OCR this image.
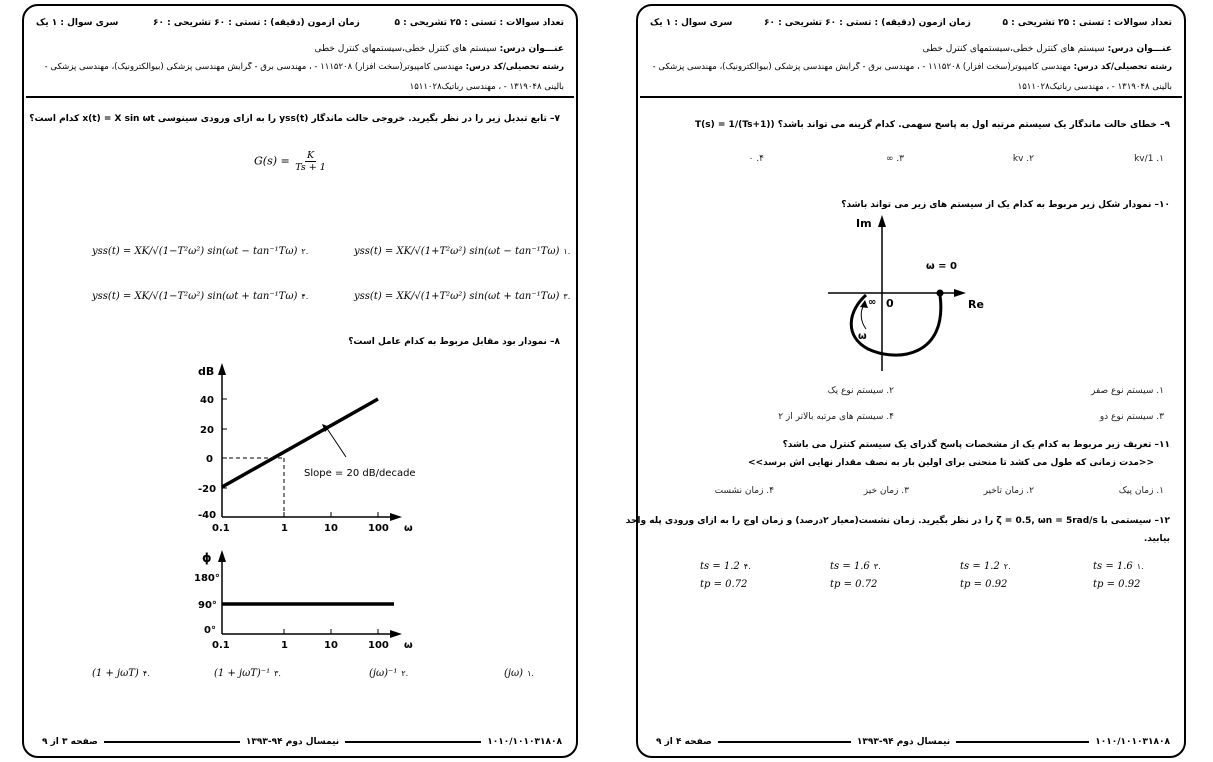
تعداد سوالات : تستی : ۲۵ تشریحی : ۵
زمان آزمون (دقیقه) : تستی : ۶۰ تشریحی : ۶۰
سری سوال : ۱ یک
عنـــوان درس: سیستم های کنترل خطی،سیستمهای کنترل خطی
رشته تحصیلی/کد درس: مهندسی کامپیوتر(سخت افزار) ۱۱۱۵۲۰۸ - ، مهندسی برق - گرایش مهندسی پزشکی (بیوالکترونیک)، مهندسی پزشکی -
بالینی ۱۳۱۹۰۴۸ - ، مهندسی رباتیک۱۵۱۱۰۲۸
۷– تابع تبدیل زیر را در نظر بگیرید. خروجی حالت ماندگار yss(t) را به ازای ورودی سینوسی x(t) = X sin ωt کدام است؟
$G(s) = \frac{K}{Ts + 1}$
yss(t) = XK/√(1+T²ω²) sin(ωt − tan⁻¹Tω) ۱.
yss(t) = XK/√(1−T²ω²) sin(ωt − tan⁻¹Tω) ۲.
yss(t) = XK/√(1+T²ω²) sin(ωt + tan⁻¹Tω) ۳.
yss(t) = XK/√(1−T²ω²) sin(ωt + tan⁻¹Tω) ۴.
۸– نمودار بود مقابل مربوط به کدام عامل است؟
dB
ω
40
20
0
-20
-40
Slope = 20 dB/decade
0.1	1	10	100
ϕ
ω
180°
90°
0°
0.1	1	10	100
(jω) ۱.
(jω)⁻¹ ۲.
(1 + jωT)⁻¹ ۳.
(1 + jωT) ۴.
۱۰۱۰/۱۰۱۰۳۱۸۰۸
نیمسال دوم ۹۴-۱۳۹۳
صفحه ۳ از ۹
تعداد سوالات : تستی : ۲۵ تشریحی : ۵
زمان آزمون (دقیقه) : تستی : ۶۰ تشریحی : ۶۰
سری سوال : ۱ یک
عنـــوان درس: سیستم های کنترل خطی،سیستمهای کنترل خطی
رشته تحصیلی/کد درس: مهندسی کامپیوتر(سخت افزار) ۱۱۱۵۲۰۸ - ، مهندسی برق - گرایش مهندسی پزشکی (بیوالکترونیک)، مهندسی پزشکی -
بالینی ۱۳۱۹۰۴۸ - ، مهندسی رباتیک۱۵۱۱۰۲۸
۹– خطای حالت ماندگار یک سیستم مرتبه اول به پاسخ سهمی. کدام گزینه می تواند باشد؟ (T(s) = 1/(Ts+1)
۱. 1/kv
۲. kv
۳. ∞
۴. ۰
۱۰– نمودار شکل زیر مربوط به کدام یک از سیستم های زیر می تواند باشد؟
Im
Re
0
ω = 0
∞
ω
۱. سیستم نوع صفر
۲. سیستم نوع یک
۳. سیستم نوع دو
۴. سیستم های مرتبه بالاتر از ۲
۱۱– تعریف زیر مربوط به کدام یک از مشخصات پاسخ گذرای یک سیستم کنترل می باشد؟
<<مدت زمانی که طول می کشد تا منحنی برای اولین بار به نصف مقدار نهایی اش برسد>>
۱. زمان پیک
۲. زمان تاخیر
۳. زمان خیز
۴. زمان نشست
۱۲– سیستمی با ζ = 0.5, ωn = 5rad/s را در نظر بگیرید. زمان نشست(معیار ۲درصد) و زمان اوج را به ازای ورودی پله واحد
بیابید.
ts = 1.6 ۱.
tp = 0.92
ts = 1.2 ۲.
tp = 0.92
ts = 1.6 ۳.
tp = 0.72
ts = 1.2 ۴.
tp = 0.72
۱۰۱۰/۱۰۱۰۳۱۸۰۸
نیمسال دوم ۹۴-۱۳۹۳
صفحه ۴ از ۹
